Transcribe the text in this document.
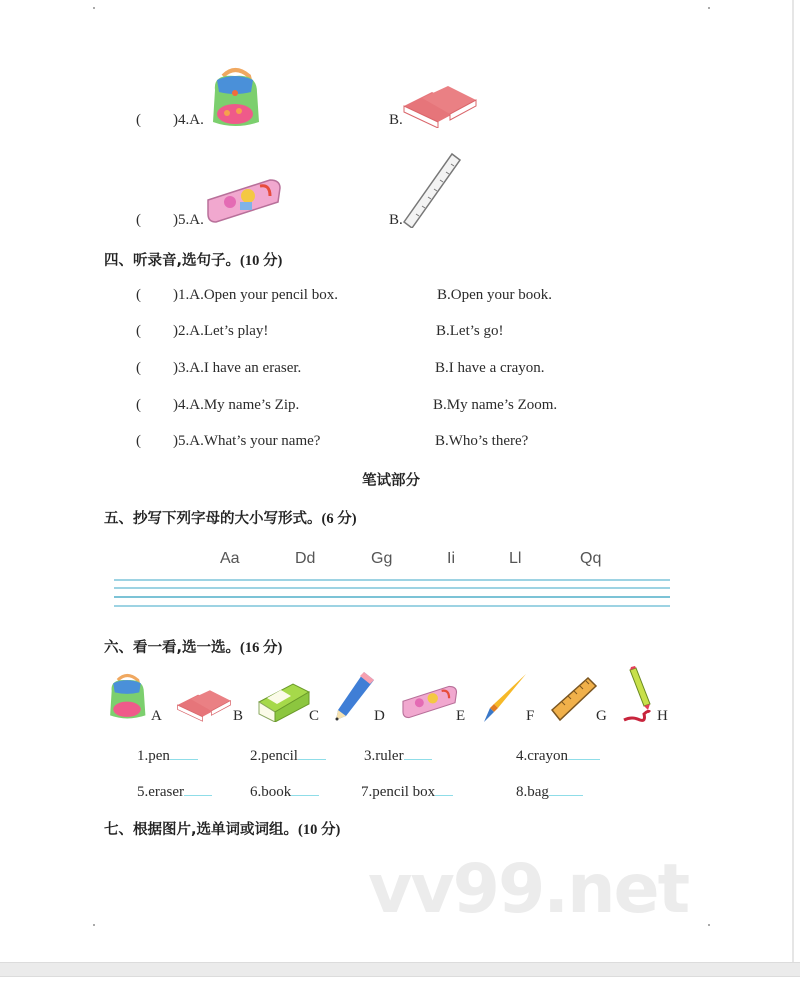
( )4.A.	B.
( )5.A.	B.
四、听录音,选句子。(10 分)
( )1.A.Open your pencil box.	B.Open your book.
( )2.A.Let’s play!	B.Let’s go!
( )3.A.I have an eraser.	B.I have a crayon.
( )4.A.My name’s Zip.	B.My name’s Zoom.
( )5.A.What’s your name?	B.Who’s there?
笔试部分
五、抄写下列字母的大小写形式。(6 分)
Aa	Dd	Gg	Ii	Ll	Qq
六、看一看,选一选。(16 分)
A	B	C	D	E	F	G	H
1.pen	2.pencil	3.ruler	4.crayon
5.eraser	6.book	7.pencil box	8.bag
七、根据图片,选单词或词组。(10 分)
vv99.net
